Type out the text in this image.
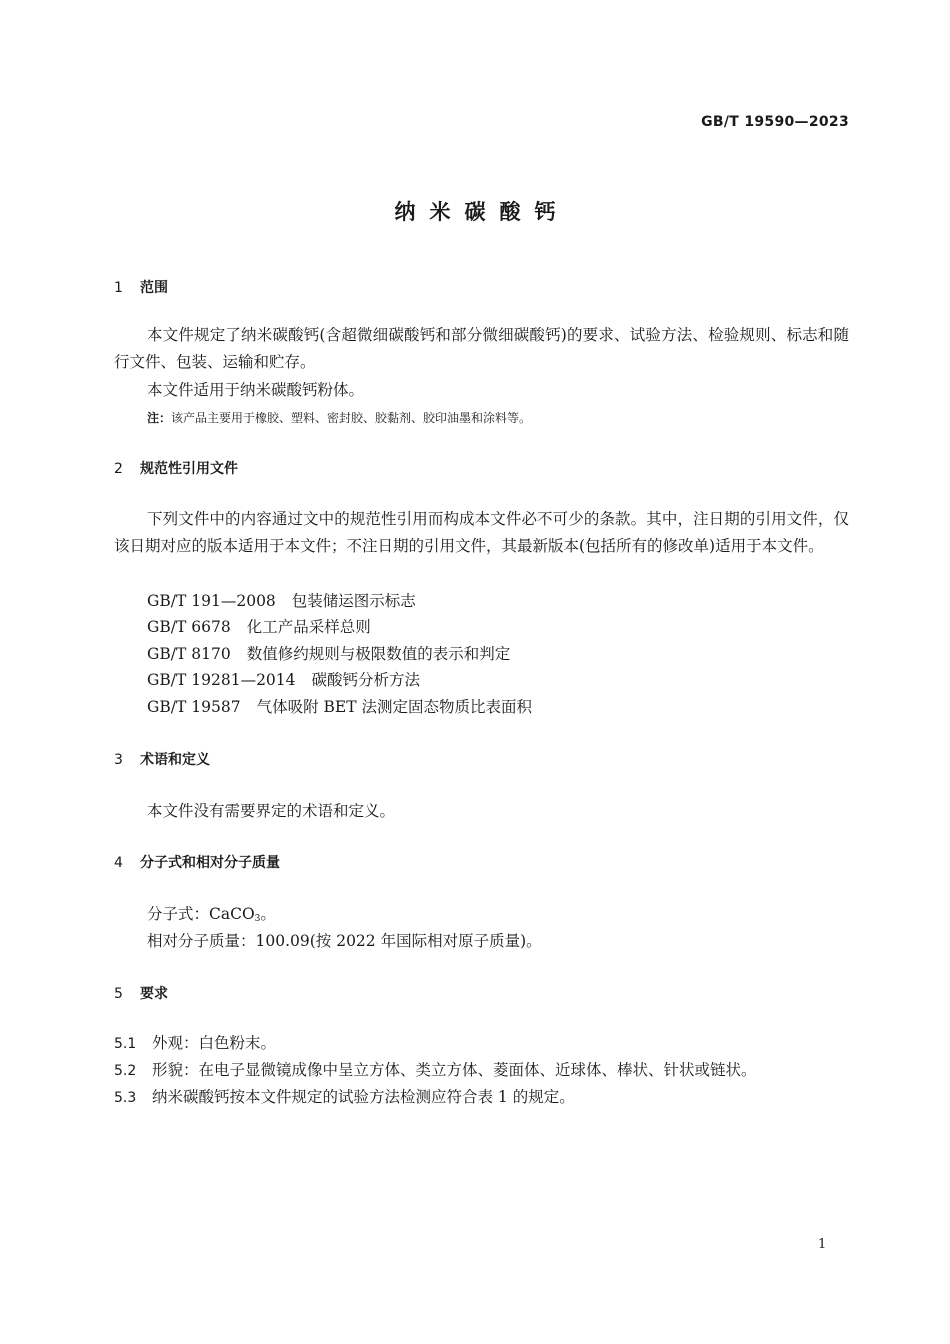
GB/T 19590—2023
纳米碳酸钙
1 范围
本文件规定了纳米碳酸钙(含超微细碳酸钙和部分微细碳酸钙)的要求、试验方法、检验规则、标志和随行文件、包装、运输和贮存。
本文件适用于纳米碳酸钙粉体。
注：该产品主要用于橡胶、塑料、密封胶、胶黏剂、胶印油墨和涂料等。
2 规范性引用文件
下列文件中的内容通过文中的规范性引用而构成本文件必不可少的条款。其中，注日期的引用文件，仅该日期对应的版本适用于本文件；不注日期的引用文件，其最新版本(包括所有的修改单)适用于本文件。
GB/T 191—2008 包装储运图示标志
GB/T 6678 化工产品采样总则
GB/T 8170 数值修约规则与极限数值的表示和判定
GB/T 19281—2014 碳酸钙分析方法
GB/T 19587 气体吸附 BET 法测定固态物质比表面积
3 术语和定义
本文件没有需要界定的术语和定义。
4 分子式和相对分子质量
分子式：CaCO$_3$。
相对分子质量：100.09(按 2022 年国际相对原子质量)。
5 要求
5.1 外观：白色粉末。
5.2 形貌：在电子显微镜成像中呈立方体、类立方体、菱面体、近球体、棒状、针状或链状。
5.3 纳米碳酸钙按本文件规定的试验方法检测应符合表 1 的规定。
1
